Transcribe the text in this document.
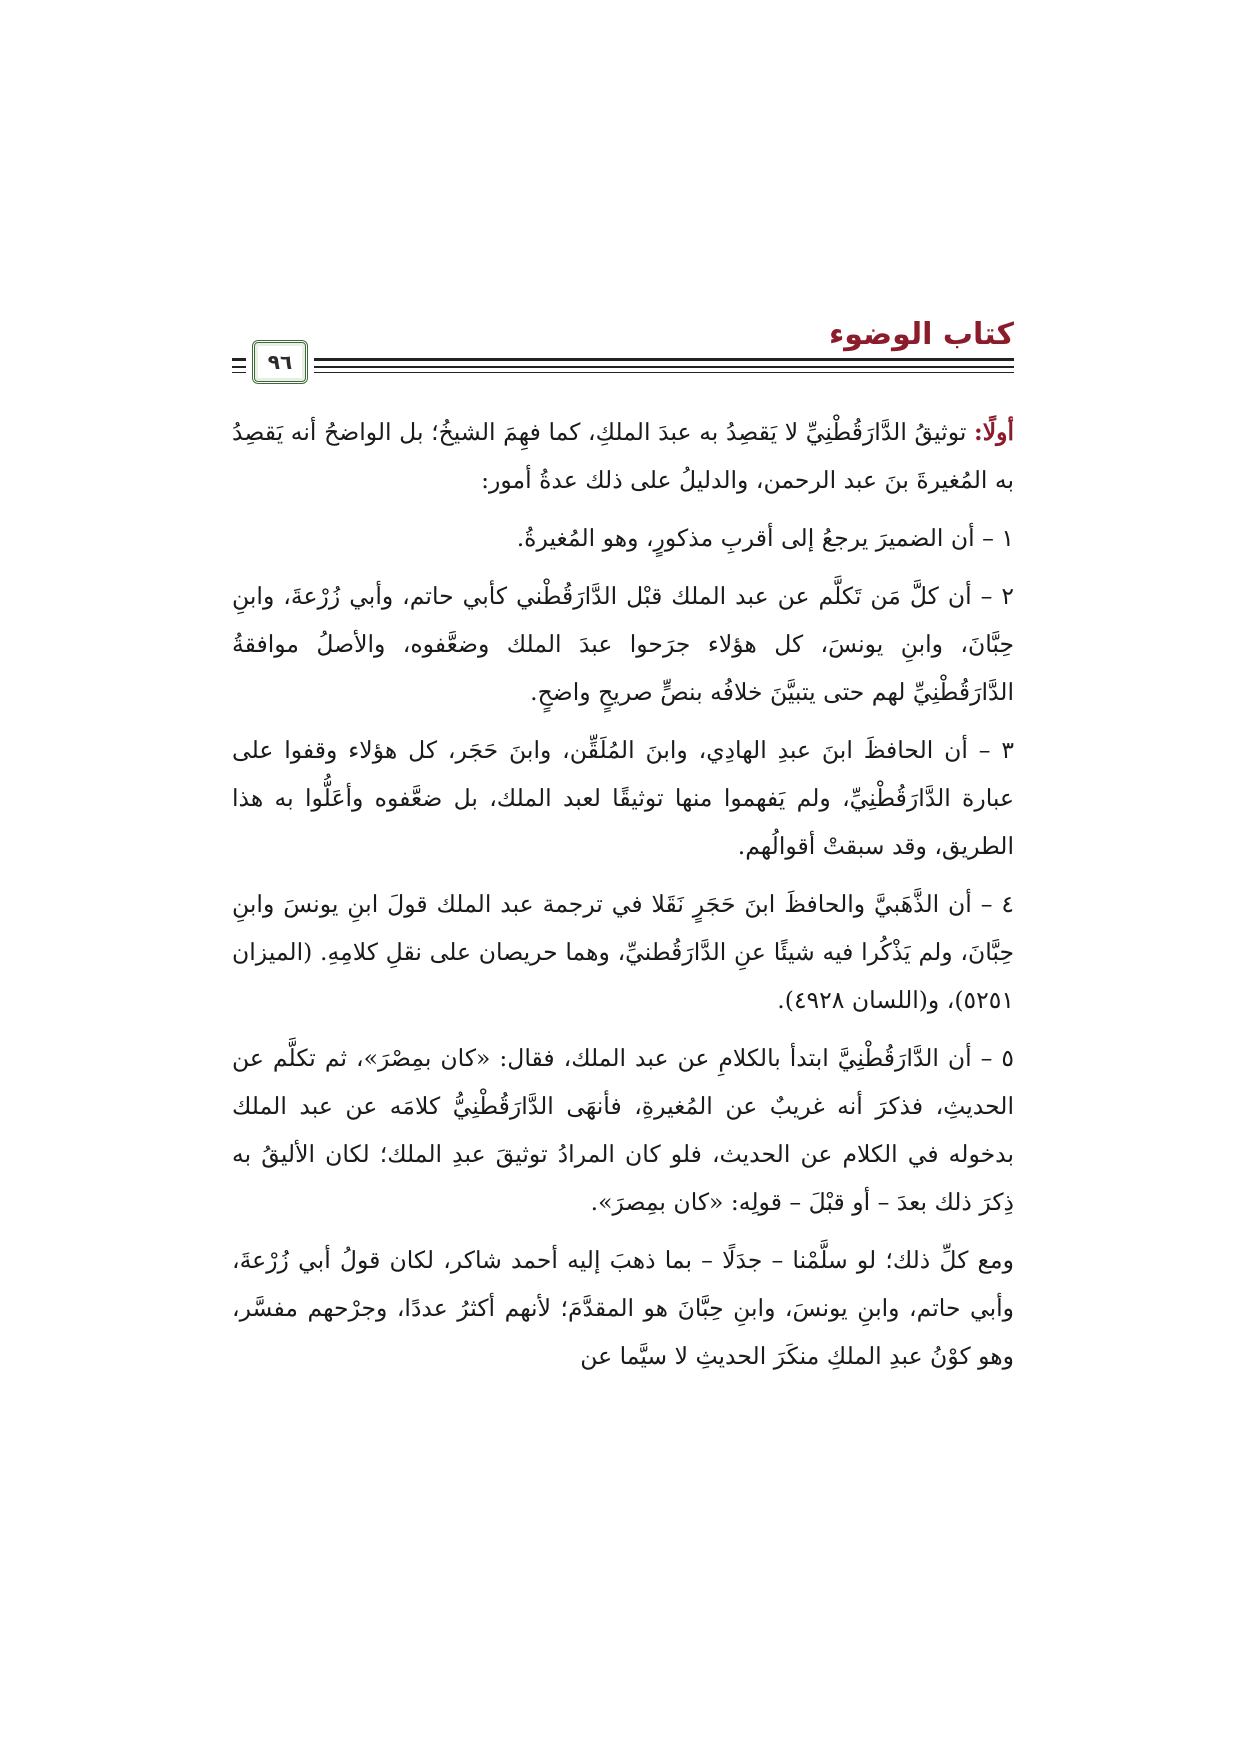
كتاب الوضوء
٩٦

أولًا: توثيقُ الدَّارَقُطْنِيِّ لا يَقصِدُ به عبدَ الملكِ، كما فهِمَ الشيخُ؛ بل الواضحُ أنه يَقصِدُ به المُغيرةَ بنَ عبد الرحمن، والدليلُ على ذلك عدةُ أمور:

١ – أن الضميرَ يرجعُ إلى أقربِ مذكورٍ، وهو المُغيرةُ.

٢ – أن كلَّ مَن تَكلَّم عن عبد الملك قبْل الدَّارَقُطْني كأبي حاتم، وأبي زُرْعةَ، وابنِ حِبَّانَ، وابنِ يونسَ، كل هؤلاء جرَحوا عبدَ الملك وضعَّفوه، والأصلُ موافقةُ الدَّارَقُطْنِيِّ لهم حتى يتبيَّنَ خلافُه بنصٍّ صريحٍ واضحٍ.

٣ – أن الحافظَ ابنَ عبدِ الهادِي، وابنَ المُلَقِّن، وابنَ حَجَر، كل هؤلاء وقفوا على عبارة الدَّارَقُطْنِيِّ، ولم يَفهموا منها توثيقًا لعبد الملك، بل ضعَّفوه وأعَلُّوا به هذا الطريق، وقد سبقتْ أقوالُهم.

٤ – أن الذَّهَبيَّ والحافظَ ابنَ حَجَرٍ نَقَلا في ترجمة عبد الملك قولَ ابنِ يونسَ وابنِ حِبَّانَ، ولم يَذْكُرا فيه شيئًا عنِ الدَّارَقُطنيِّ، وهما حريصان على نقلِ كلامِهِ. (الميزان ٥٢٥١)، و(اللسان ٤٩٢٨).

٥ – أن الدَّارَقُطْنِيَّ ابتدأ بالكلامِ عن عبد الملك، فقال: «كان بمِصْرَ»، ثم تكلَّم عن الحديثِ، فذكرَ أنه غريبٌ عن المُغيرةِ، فأنهَى الدَّارَقُطْنِيُّ كلامَه عن عبد الملك بدخوله في الكلام عن الحديث، فلو كان المرادُ توثيقَ عبدِ الملك؛ لكان الأليقُ به ذِكرَ ذلك بعدَ – أو قبْلَ – قولِه: «كان بمِصرَ».

ومع كلِّ ذلك؛ لو سلَّمْنا – جدَلًا – بما ذهبَ إليه أحمد شاكر، لكان قولُ أبي زُرْعةَ، وأبي حاتم، وابنِ يونسَ، وابنِ حِبَّانَ هو المقدَّمَ؛ لأنهم أكثرُ عددًا، وجرْحهم مفسَّر، وهو كوْنُ عبدِ الملكِ منكَرَ الحديثِ لا سيَّما عن
